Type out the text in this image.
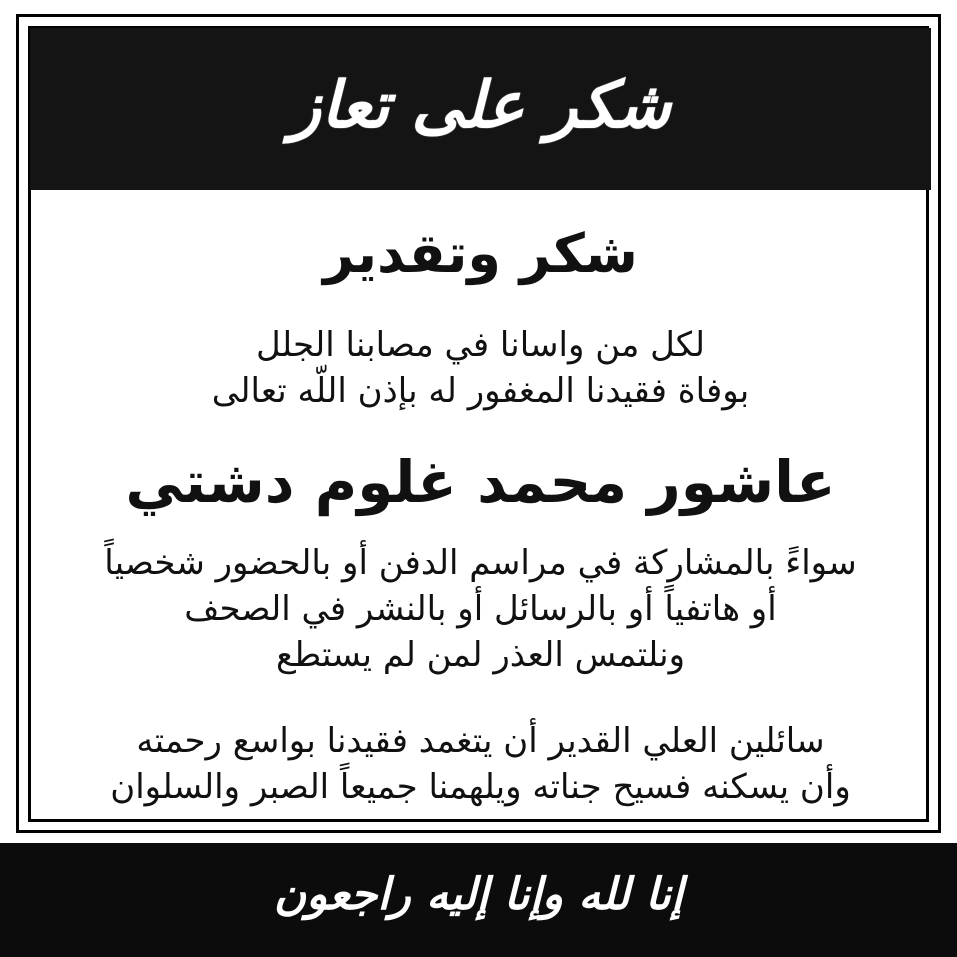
شكر على تعاز
شكر وتقدير
لكل من واسانا في مصابنا الجلل
بوفاة فقيدنا المغفور له بإذن اللّه تعالى
عاشور محمد غلوم دشتي
سواءً بالمشاركة في مراسم الدفن أو بالحضور شخصياً
أو هاتفياً أو بالرسائل أو بالنشر في الصحف
ونلتمس العذر لمن لم يستطع
سائلين العلي القدير أن يتغمد فقيدنا بواسع رحمته
وأن يسكنه فسيح جناته ويلهمنا جميعاً الصبر والسلوان
إنا لله وإنا إليه راجعون
